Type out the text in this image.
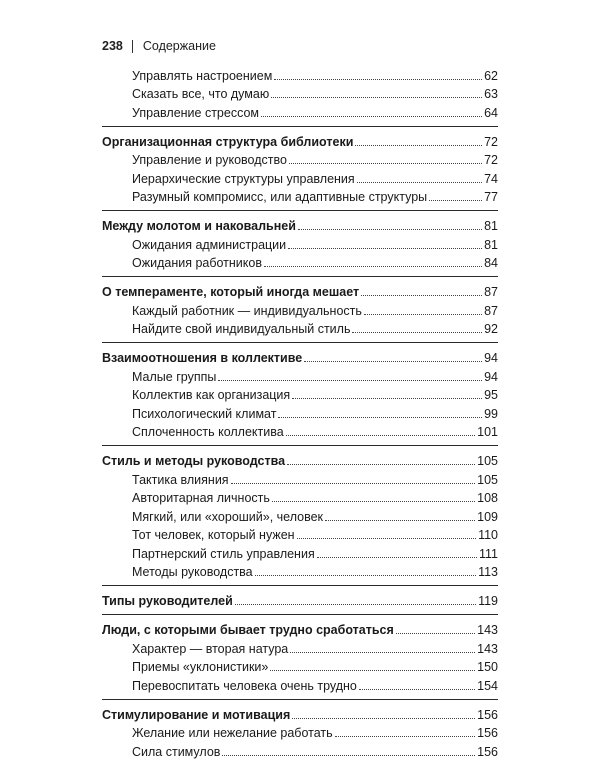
238 Содержание
Управлять настроением	62
Сказать все, что думаю	63
Управление стрессом	64
Организационная структура библиотеки	72
Управление и руководство	72
Иерархические структуры управления	74
Разумный компромисс, или адаптивные структуры	77
Между молотом и наковальней	81
Ожидания администрации	81
Ожидания работников	84
О темпераменте, который иногда мешает	87
Каждый работник — индивидуальность	87
Найдите свой индивидуальный стиль	92
Взаимоотношения в коллективе	94
Малые группы	94
Коллектив как организация	95
Психологический климат	99
Сплоченность коллектива	101
Стиль и методы руководства	105
Тактика влияния	105
Авторитарная личность	108
Мягкий, или «хороший», человек	109
Тот человек, который нужен	110
Партнерский стиль управления	111
Методы руководства	113
Типы руководителей	119
Люди, с которыми бывает трудно сработаться	143
Характер — вторая натура	143
Приемы «уклонистики»	150
Перевоспитать человека очень трудно	154
Стимулирование и мотивация	156
Желание или нежелание работать	156
Сила стимулов	156
